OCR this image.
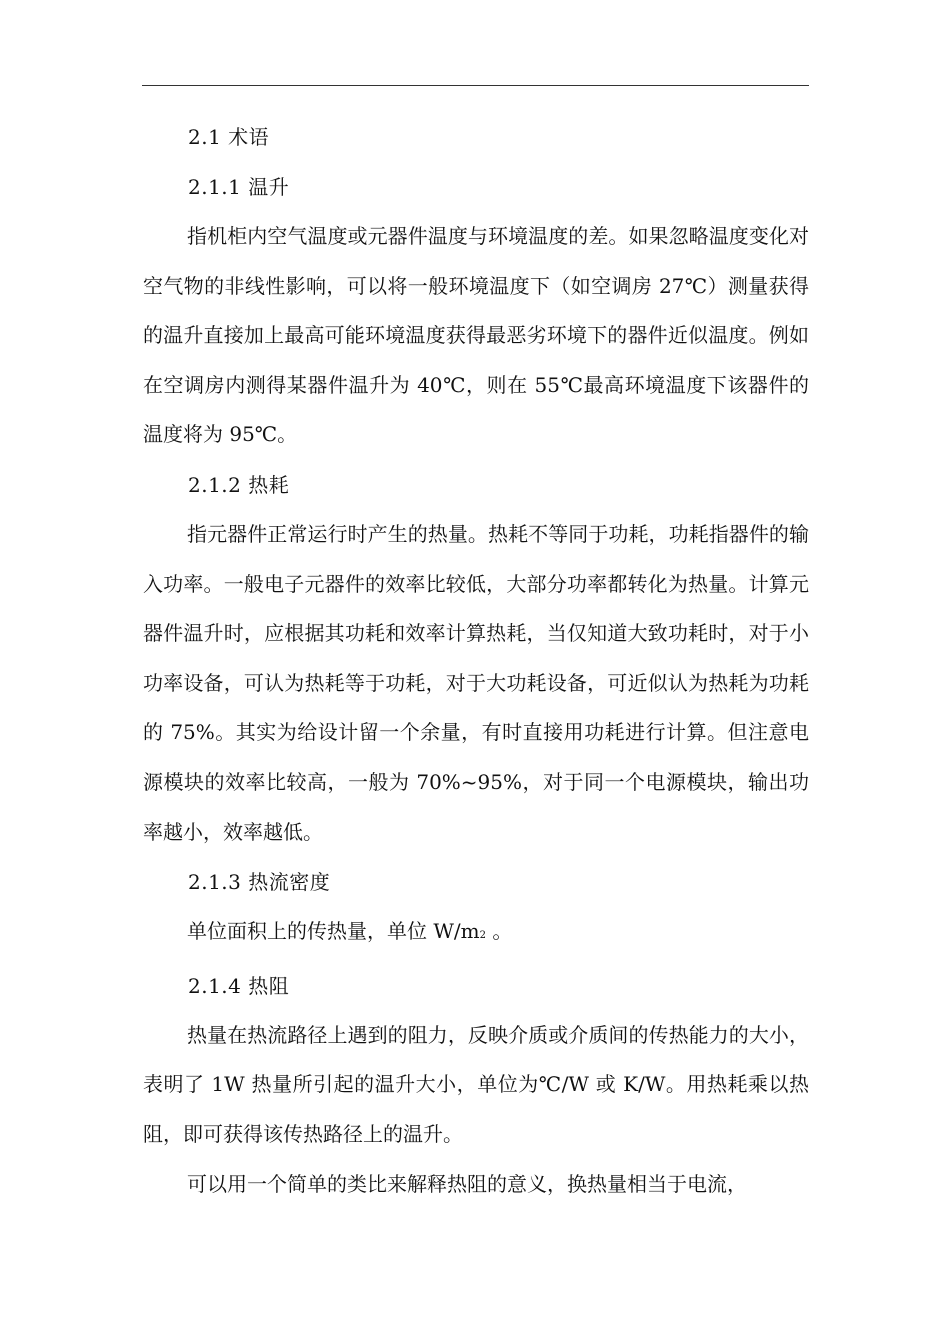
2.1 术语
2.1.1 温升

指机柜内空气温度或元器件温度与环境温度的差。如果忽略温度变化对空气物的非线性影响，可以将一般环境温度下（如空调房 27℃）测量获得的温升直接加上最高可能环境温度获得最恶劣环境下的器件近似温度。例如在空调房内测得某器件温升为 40℃，则在 55℃最高环境温度下该器件的温度将为 95℃。

2.1.2 热耗

指元器件正常运行时产生的热量。热耗不等同于功耗，功耗指器件的输入功率。一般电子元器件的效率比较低，大部分功率都转化为热量。计算元器件温升时，应根据其功耗和效率计算热耗，当仅知道大致功耗时，对于小功率设备，可认为热耗等于功耗，对于大功耗设备，可近似认为热耗为功耗的 75%。其实为给设计留一个余量，有时直接用功耗进行计算。但注意电源模块的效率比较高，一般为 70%~95%，对于同一个电源模块，输出功率越小，效率越低。

2.1.3 热流密度

单位面积上的传热量，单位 W/m2 。

2.1.4 热阻

热量在热流路径上遇到的阻力，反映介质或介质间的传热能力的大小，表明了 1W 热量所引起的温升大小，单位为℃/W 或 K/W。用热耗乘以热阻，即可获得该传热路径上的温升。

可以用一个简单的类比来解释热阻的意义，换热量相当于电流，
